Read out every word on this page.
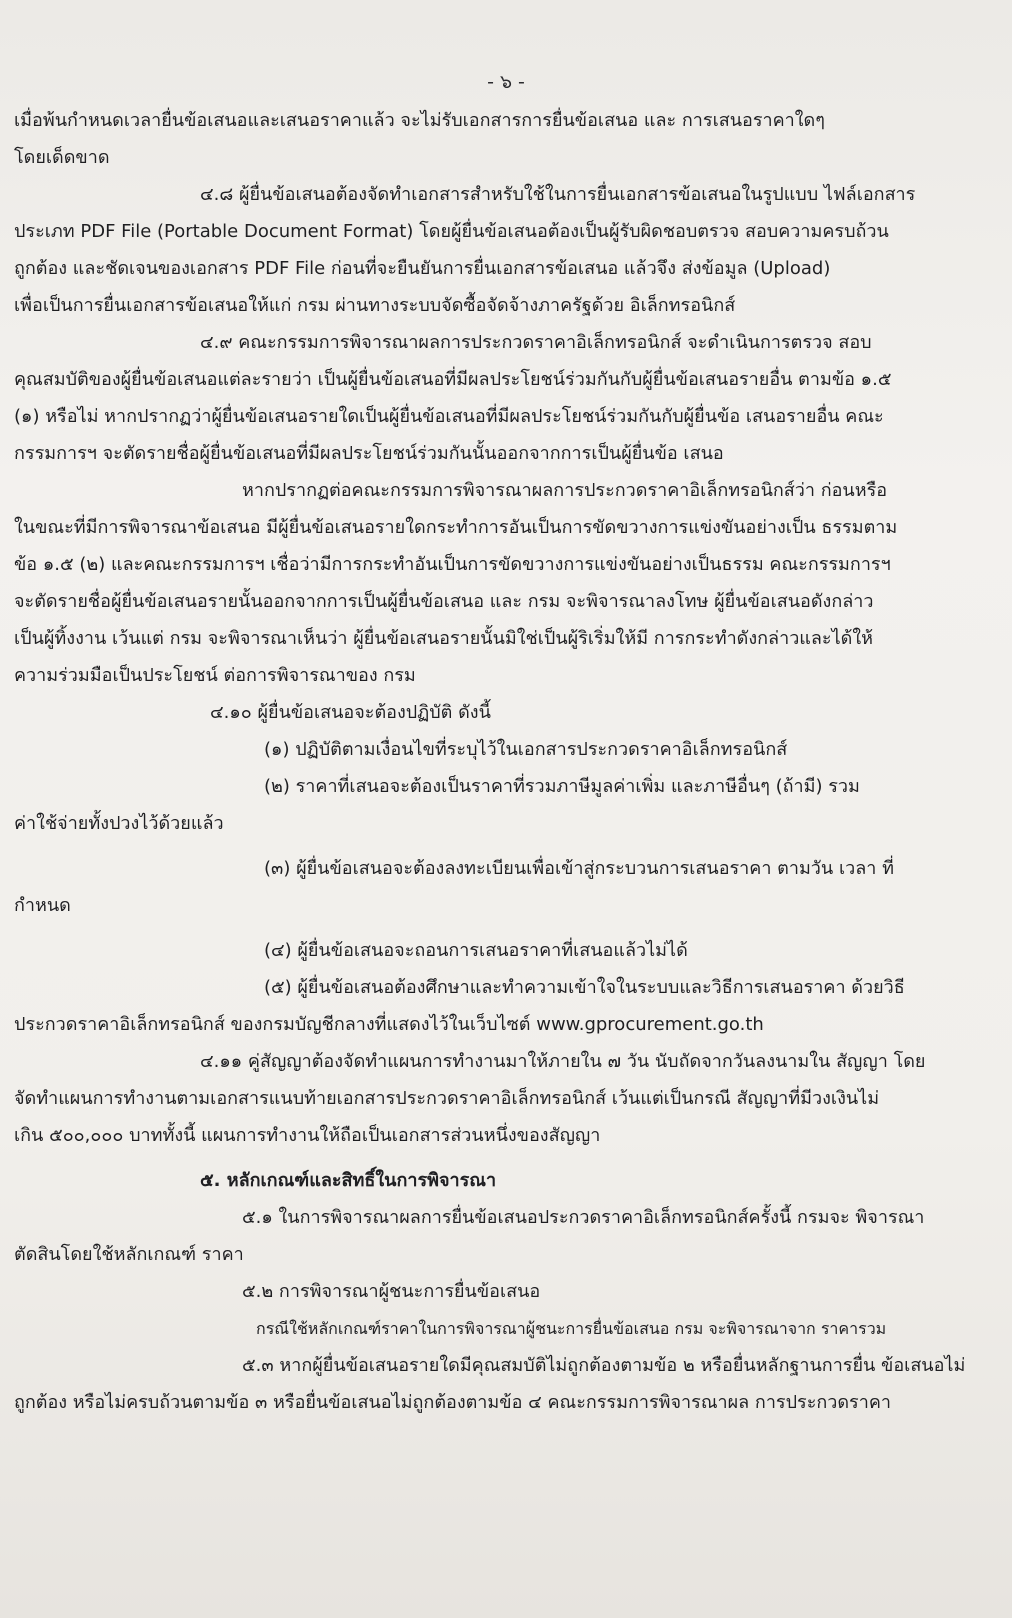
- ๖ -
เมื่อพ้นกำหนดเวลายื่นข้อเสนอและเสนอราคาแล้ว จะไม่รับเอกสารการยื่นข้อเสนอ และ การเสนอราคาใดๆ
โดยเด็ดขาด
๔.๘ ผู้ยื่นข้อเสนอต้องจัดทำเอกสารสำหรับใช้ในการยื่นเอกสารข้อเสนอในรูปแบบ ไฟล์เอกสาร
ประเภท PDF File (Portable Document Format) โดยผู้ยื่นข้อเสนอต้องเป็นผู้รับผิดชอบตรวจ สอบความครบถ้วน
ถูกต้อง และชัดเจนของเอกสาร PDF File ก่อนที่จะยืนยันการยื่นเอกสารข้อเสนอ แล้วจึง ส่งข้อมูล (Upload)
เพื่อเป็นการยื่นเอกสารข้อเสนอให้แก่ กรม ผ่านทางระบบจัดซื้อจัดจ้างภาครัฐด้วย อิเล็กทรอนิกส์
๔.๙ คณะกรรมการพิจารณาผลการประกวดราคาอิเล็กทรอนิกส์ จะดำเนินการตรวจ สอบ
คุณสมบัติของผู้ยื่นข้อเสนอแต่ละรายว่า เป็นผู้ยื่นข้อเสนอที่มีผลประโยชน์ร่วมกันกับผู้ยื่นข้อเสนอรายอื่น ตามข้อ ๑.๕
(๑) หรือไม่ หากปรากฏว่าผู้ยื่นข้อเสนอรายใดเป็นผู้ยื่นข้อเสนอที่มีผลประโยชน์ร่วมกันกับผู้ยื่นข้อ เสนอรายอื่น คณะ
กรรมการฯ จะตัดรายชื่อผู้ยื่นข้อเสนอที่มีผลประโยชน์ร่วมกันนั้นออกจากการเป็นผู้ยื่นข้อ เสนอ
หากปรากฏต่อคณะกรรมการพิจารณาผลการประกวดราคาอิเล็กทรอนิกส์ว่า ก่อนหรือ
ในขณะที่มีการพิจารณาข้อเสนอ มีผู้ยื่นข้อเสนอรายใดกระทำการอันเป็นการขัดขวางการแข่งขันอย่างเป็น ธรรมตาม
ข้อ ๑.๕ (๒) และคณะกรรมการฯ เชื่อว่ามีการกระทำอันเป็นการขัดขวางการแข่งขันอย่างเป็นธรรม คณะกรรมการฯ
จะตัดรายชื่อผู้ยื่นข้อเสนอรายนั้นออกจากการเป็นผู้ยื่นข้อเสนอ และ กรม จะพิจารณาลงโทษ ผู้ยื่นข้อเสนอดังกล่าว
เป็นผู้ทิ้งงาน เว้นแต่ กรม จะพิจารณาเห็นว่า ผู้ยื่นข้อเสนอรายนั้นมิใช่เป็นผู้ริเริ่มให้มี การกระทำดังกล่าวและได้ให้
ความร่วมมือเป็นประโยชน์ ต่อการพิจารณาของ กรม
๔.๑๐ ผู้ยื่นข้อเสนอจะต้องปฏิบัติ ดังนี้
(๑) ปฏิบัติตามเงื่อนไขที่ระบุไว้ในเอกสารประกวดราคาอิเล็กทรอนิกส์
(๒) ราคาที่เสนอจะต้องเป็นราคาที่รวมภาษีมูลค่าเพิ่ม และภาษีอื่นๆ (ถ้ามี) รวม
ค่าใช้จ่ายทั้งปวงไว้ด้วยแล้ว
(๓) ผู้ยื่นข้อเสนอจะต้องลงทะเบียนเพื่อเข้าสู่กระบวนการเสนอราคา ตามวัน เวลา ที่
กำหนด
(๔) ผู้ยื่นข้อเสนอจะถอนการเสนอราคาที่เสนอแล้วไม่ได้
(๕) ผู้ยื่นข้อเสนอต้องศึกษาและทำความเข้าใจในระบบและวิธีการเสนอราคา ด้วยวิธี
ประกวดราคาอิเล็กทรอนิกส์ ของกรมบัญชีกลางที่แสดงไว้ในเว็บไซต์ www.gprocurement.go.th
๔.๑๑ คู่สัญญาต้องจัดทำแผนการทำงานมาให้ภายใน ๗ วัน นับถัดจากวันลงนามใน สัญญา โดย
จัดทำแผนการทำงานตามเอกสารแนบท้ายเอกสารประกวดราคาอิเล็กทรอนิกส์ เว้นแต่เป็นกรณี สัญญาที่มีวงเงินไม่
เกิน ๕๐๐,๐๐๐ บาททั้งนี้ แผนการทำงานให้ถือเป็นเอกสารส่วนหนึ่งของสัญญา
๕. หลักเกณฑ์และสิทธิ์ในการพิจารณา
๕.๑ ในการพิจารณาผลการยื่นข้อเสนอประกวดราคาอิเล็กทรอนิกส์ครั้งนี้ กรมจะ พิจารณา
ตัดสินโดยใช้หลักเกณฑ์ ราคา
๕.๒ การพิจารณาผู้ชนะการยื่นข้อเสนอ
กรณีใช้หลักเกณฑ์ราคาในการพิจารณาผู้ชนะการยื่นข้อเสนอ กรม จะพิจารณาจาก ราคารวม
๕.๓ หากผู้ยื่นข้อเสนอรายใดมีคุณสมบัติไม่ถูกต้องตามข้อ ๒ หรือยื่นหลักฐานการยื่น ข้อเสนอไม่
ถูกต้อง หรือไม่ครบถ้วนตามข้อ ๓ หรือยื่นข้อเสนอไม่ถูกต้องตามข้อ ๔ คณะกรรมการพิจารณาผล การประกวดราคา
